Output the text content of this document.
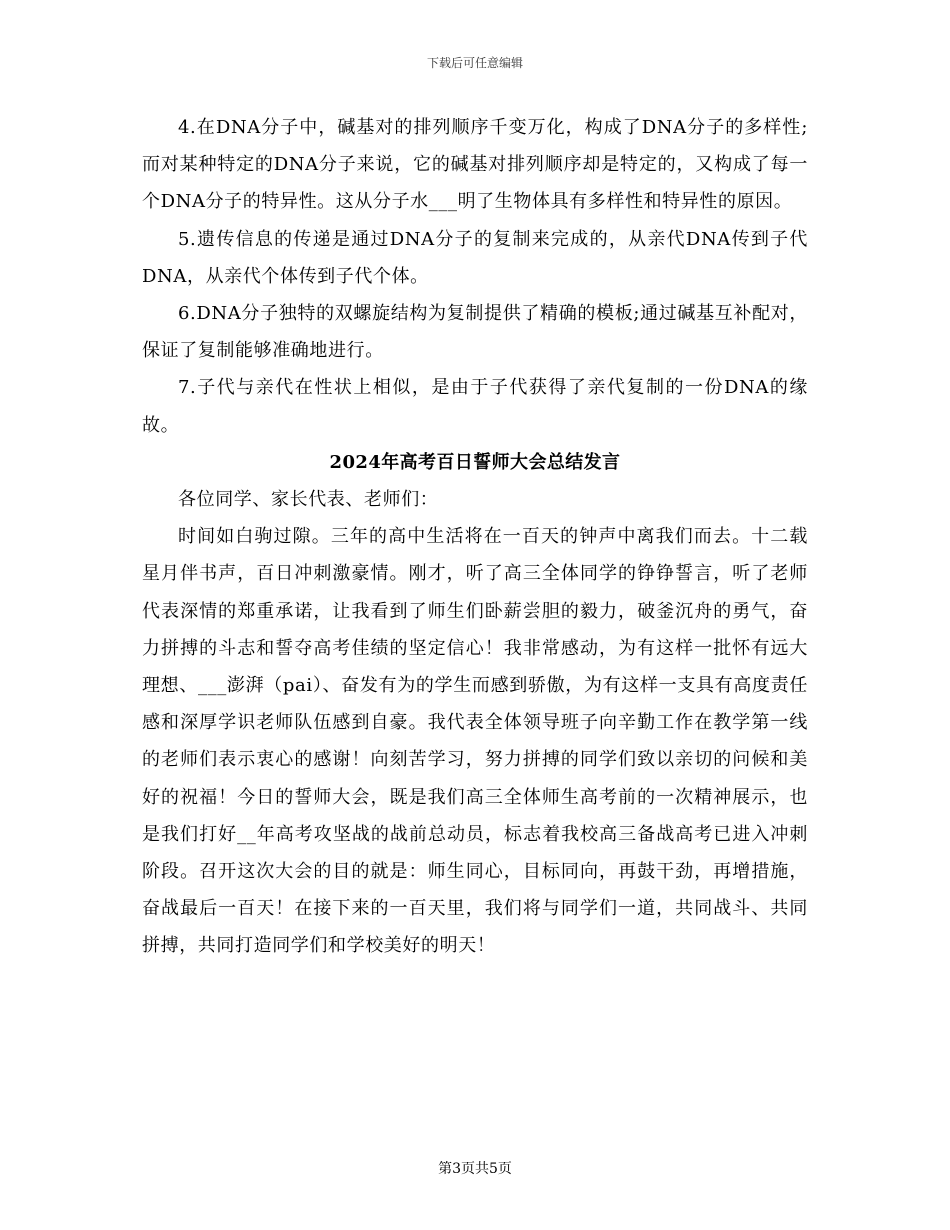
下载后可任意编辑

4.在DNA分子中，碱基对的排列顺序千变万化，构成了DNA分子的多样性;而对某种特定的DNA分子来说，它的碱基对排列顺序却是特定的，又构成了每一个DNA分子的特异性。这从分子水___明了生物体具有多样性和特异性的原因。

5.遗传信息的传递是通过DNA分子的复制来完成的，从亲代DNA传到子代DNA，从亲代个体传到子代个体。

6.DNA分子独特的双螺旋结构为复制提供了精确的模板;通过碱基互补配对，保证了复制能够准确地进行。

7.子代与亲代在性状上相似，是由于子代获得了亲代复制的一份DNA的缘故。

2024年高考百日誓师大会总结发言

各位同学、家长代表、老师们：

时间如白驹过隙。三年的高中生活将在一百天的钟声中离我们而去。十二载星月伴书声，百日冲刺激豪情。刚才，听了高三全体同学的铮铮誓言，听了老师代表深情的郑重承诺，让我看到了师生们卧薪尝胆的毅力，破釜沉舟的勇气，奋力拼搏的斗志和誓夺高考佳绩的坚定信心！我非常感动，为有这样一批怀有远大理想、___澎湃（pai）、奋发有为的学生而感到骄傲，为有这样一支具有高度责任感和深厚学识老师队伍感到自豪。我代表全体领导班子向辛勤工作在教学第一线的老师们表示衷心的感谢！向刻苦学习，努力拼搏的同学们致以亲切的问候和美好的祝福！今日的誓师大会，既是我们高三全体师生高考前的一次精神展示，也是我们打好__年高考攻坚战的战前总动员，标志着我校高三备战高考已进入冲刺阶段。召开这次大会的目的就是：师生同心，目标同向，再鼓干劲，再增措施，奋战最后一百天！在接下来的一百天里，我们将与同学们一道，共同战斗、共同拼搏，共同打造同学们和学校美好的明天！

第3页共5页
